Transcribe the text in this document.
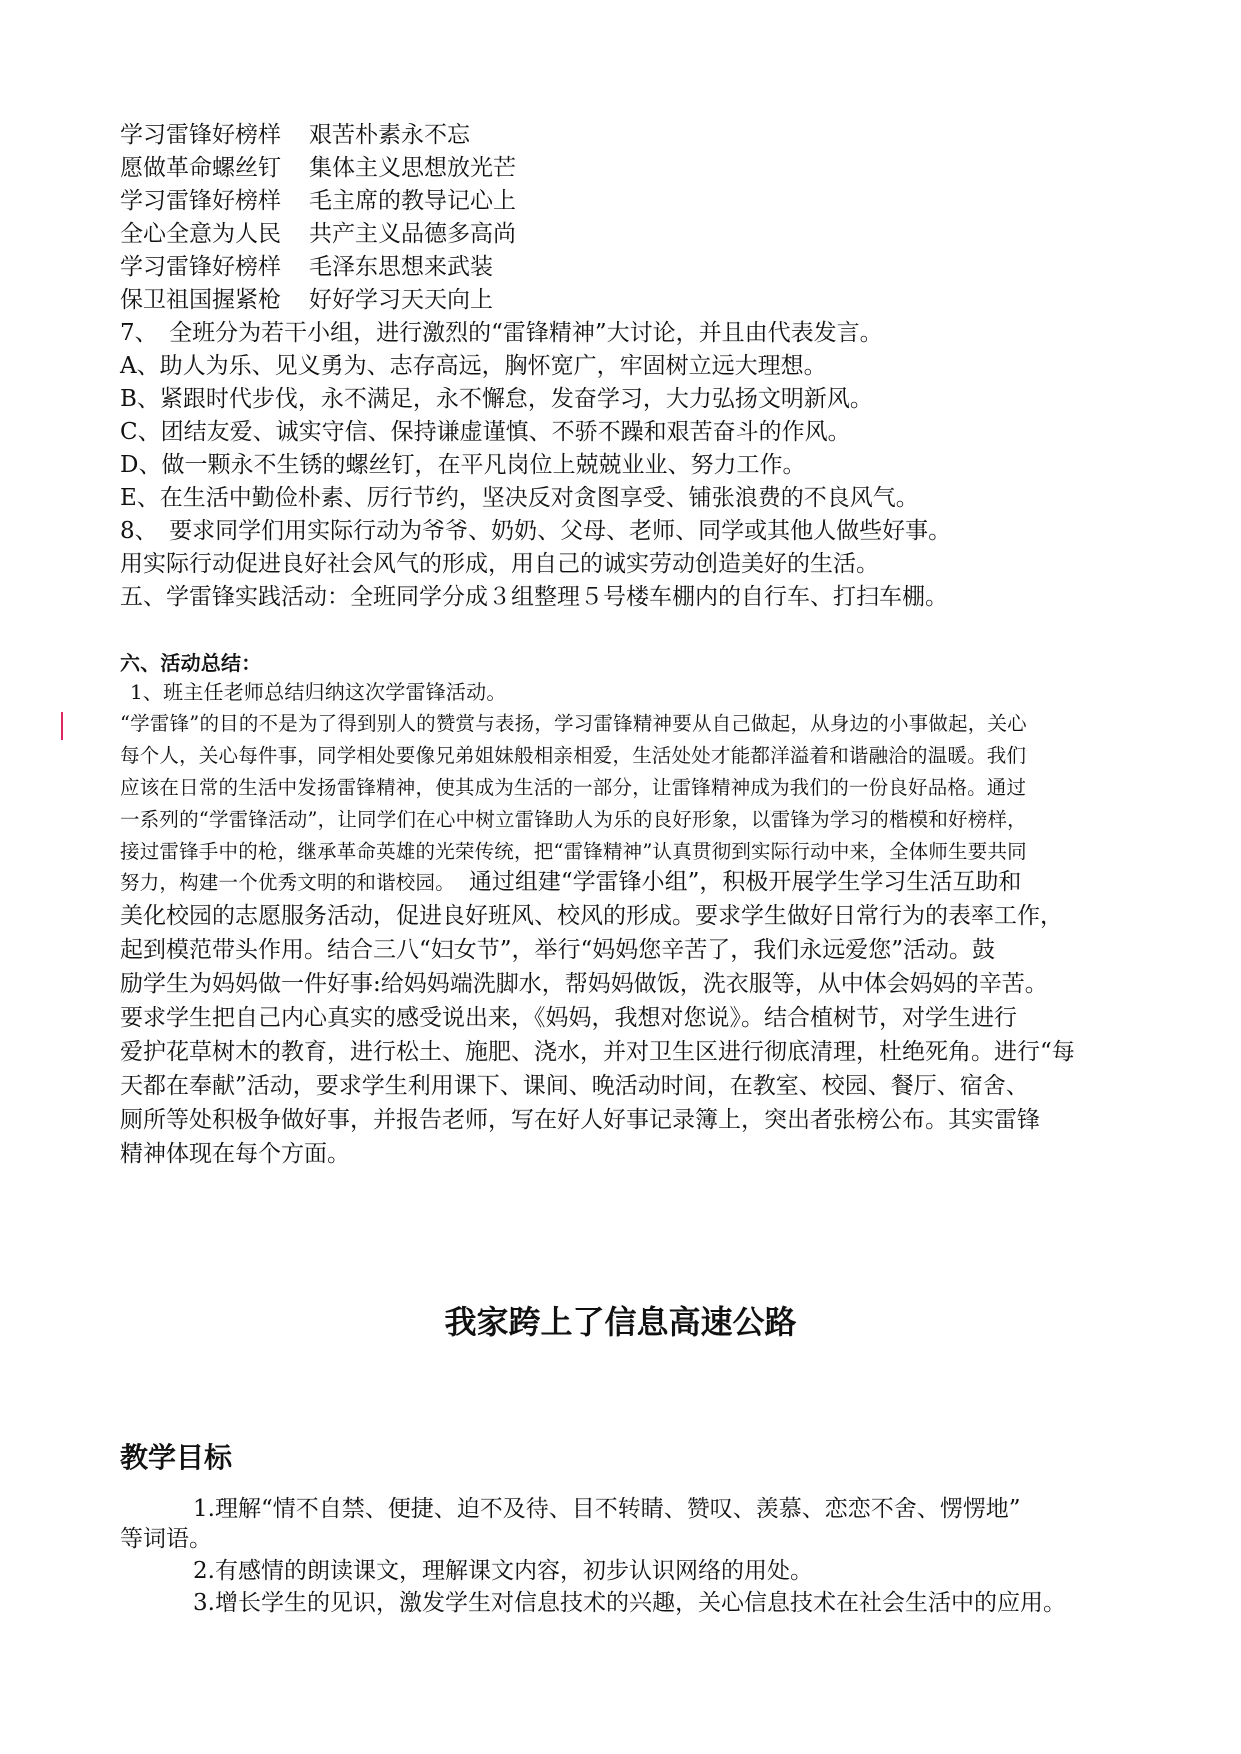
学习雷锋好榜样 艰苦朴素永不忘
愿做革命螺丝钉 集体主义思想放光芒
学习雷锋好榜样 毛主席的教导记心上
全心全意为人民 共产主义品德多高尚
学习雷锋好榜样 毛泽东思想来武装
保卫祖国握紧枪 好好学习天天向上
7、　全班分为若干小组，进行激烈的“雷锋精神”大讨论，并且由代表发言。
A、助人为乐、见义勇为、志存高远，胸怀宽广，牢固树立远大理想。
B、紧跟时代步伐，永不满足，永不懈怠，发奋学习，大力弘扬文明新风。
C、团结友爱、诚实守信、保持谦虚谨慎、不骄不躁和艰苦奋斗的作风。
D、做一颗永不生锈的螺丝钉，在平凡岗位上兢兢业业、努力工作。
E、在生活中勤俭朴素、厉行节约，坚决反对贪图享受、铺张浪费的不良风气。
8、　要求同学们用实际行动为爷爷、奶奶、父母、老师、同学或其他人做些好事。
用实际行动促进良好社会风气的形成，用自己的诚实劳动创造美好的生活。
五、学雷锋实践活动：全班同学分成３组整理５号楼车棚内的自行车、打扫车棚。
六、活动总结：
1、班主任老师总结归纳这次学雷锋活动。
“学雷锋”的目的不是为了得到别人的赞赏与表扬，学习雷锋精神要从自己做起，从身边的小事做起，关心
每个人，关心每件事，同学相处要像兄弟姐妹般相亲相爱，生活处处才能都洋溢着和谐融洽的温暖。我们
应该在日常的生活中发扬雷锋精神，使其成为生活的一部分，让雷锋精神成为我们的一份良好品格。通过
一系列的“学雷锋活动”，让同学们在心中树立雷锋助人为乐的良好形象，以雷锋为学习的楷模和好榜样，
接过雷锋手中的枪，继承革命英雄的光荣传统，把“雷锋精神”认真贯彻到实际行动中来，全体师生要共同
努力，构建一个优秀文明的和谐校园。 通过组建“学雷锋小组”，积极开展学生学习生活互助和
美化校园的志愿服务活动，促进良好班风、校风的形成。要求学生做好日常行为的表率工作，
起到模范带头作用。结合三八“妇女节”，举行“妈妈您辛苦了，我们永远爱您”活动。鼓
励学生为妈妈做一件好事:给妈妈端洗脚水，帮妈妈做饭，洗衣服等，从中体会妈妈的辛苦。
要求学生把自己内心真实的感受说出来，《妈妈，我想对您说》。结合植树节，对学生进行
爱护花草树木的教育，进行松土、施肥、浇水，并对卫生区进行彻底清理，杜绝死角。进行“每
天都在奉献”活动，要求学生利用课下、课间、晚活动时间，在教室、校园、餐厅、宿舍、
厕所等处积极争做好事，并报告老师，写在好人好事记录簿上，突出者张榜公布。其实雷锋
精神体现在每个方面。
我家跨上了信息高速公路
教学目标
1.理解“情不自禁、便捷、迫不及待、目不转睛、赞叹、羡慕、恋恋不舍、愣愣地”
等词语。
2.有感情的朗读课文，理解课文内容，初步认识网络的用处。
3.增长学生的见识，激发学生对信息技术的兴趣，关心信息技术在社会生活中的应用。
